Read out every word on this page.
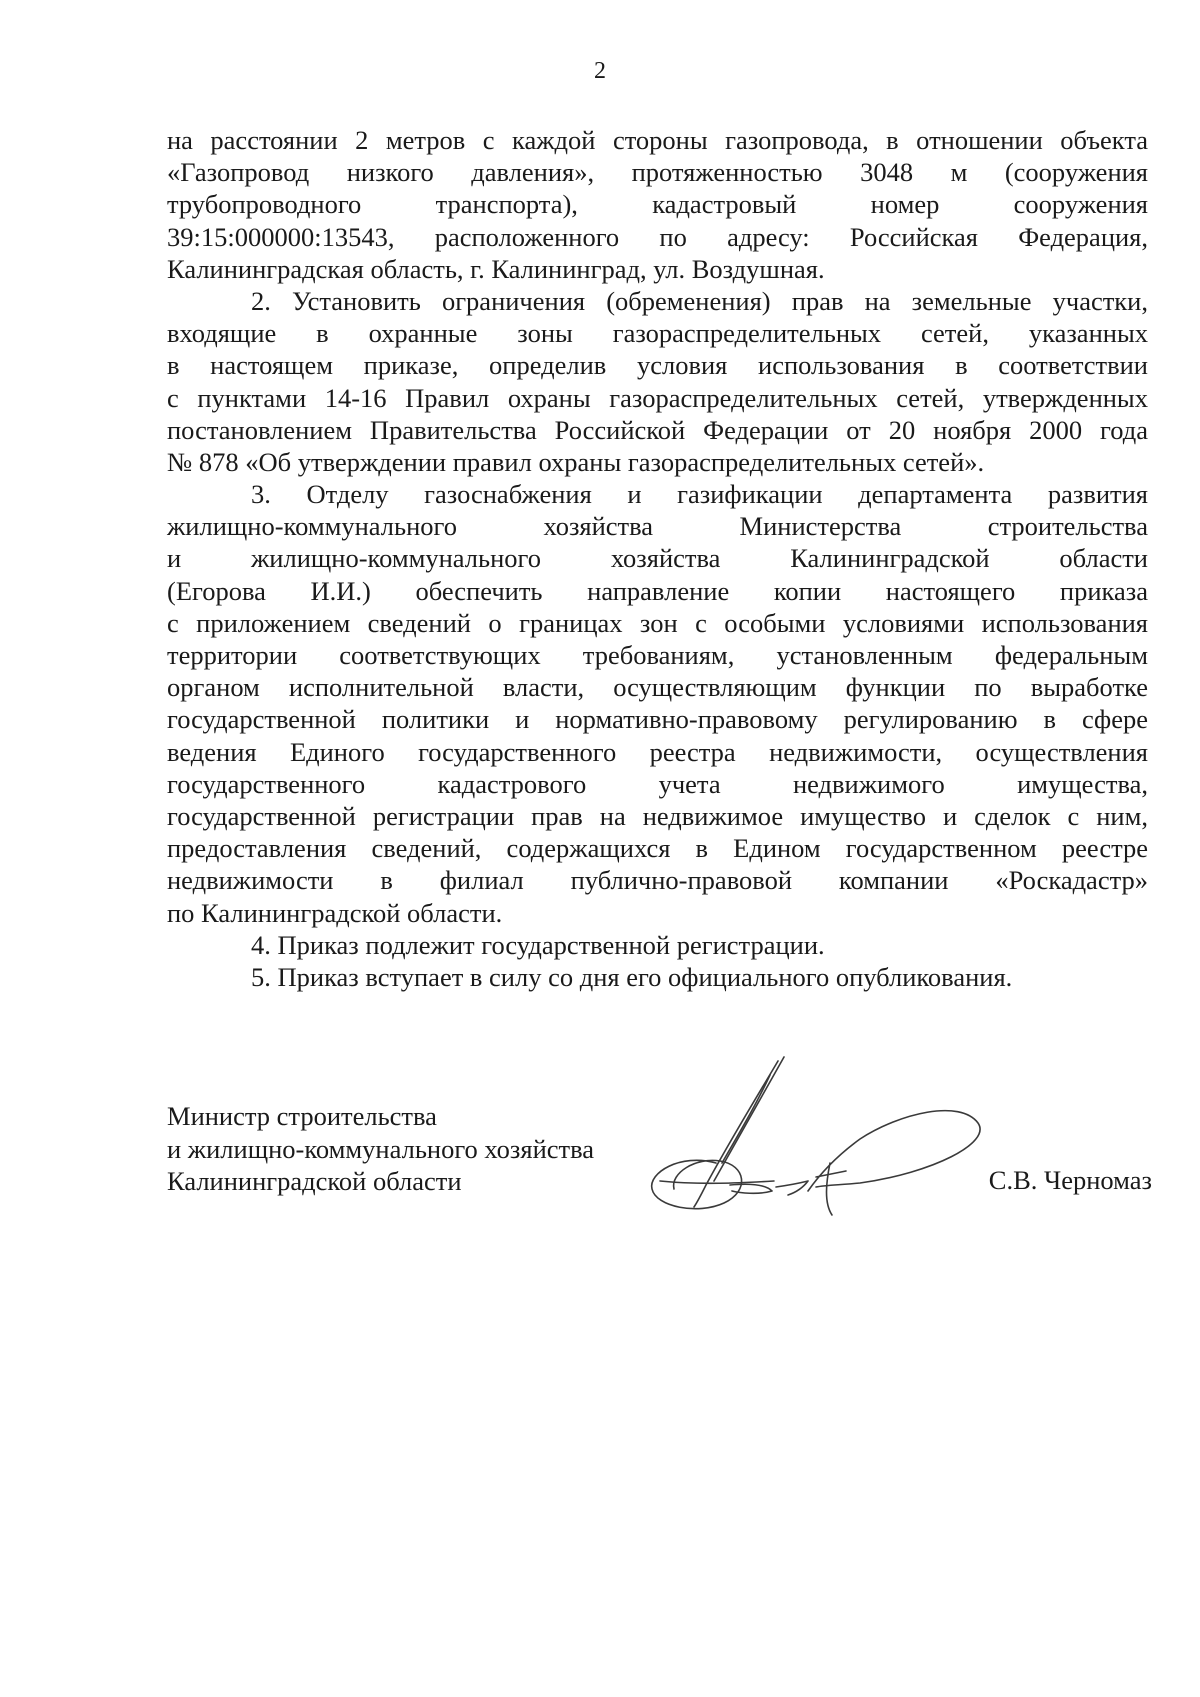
2
на расстоянии 2 метров с каждой стороны газопровода, в отношении объекта
«Газопровод низкого давления», протяженностью 3048 м (сооружения
трубопроводного транспорта), кадастровый номер сооружения
39:15:000000:13543, расположенного по адресу: Российская Федерация,
Калининградская область, г. Калининград, ул. Воздушная.
2. Установить ограничения (обременения) прав на земельные участки,
входящие в охранные зоны газораспределительных сетей, указанных
в настоящем приказе, определив условия использования в соответствии
с пунктами 14-16 Правил охраны газораспределительных сетей, утвержденных
постановлением Правительства Российской Федерации от 20 ноября 2000 года
№ 878 «Об утверждении правил охраны газораспределительных сетей».
3. Отделу газоснабжения и газификации департамента развития
жилищно-коммунального хозяйства Министерства строительства
и жилищно-коммунального хозяйства Калининградской области
(Егорова И.И.) обеспечить направление копии настоящего приказа
с приложением сведений о границах зон с особыми условиями использования
территории соответствующих требованиям, установленным федеральным
органом исполнительной власти, осуществляющим функции по выработке
государственной политики и нормативно-правовому регулированию в сфере
ведения Единого государственного реестра недвижимости, осуществления
государственного кадастрового учета недвижимого имущества,
государственной регистрации прав на недвижимое имущество и сделок с ним,
предоставления сведений, содержащихся в Едином государственном реестре
недвижимости в филиал публично-правовой компании «Роскадастр»
по Калининградской области.
4. Приказ подлежит государственной регистрации.
5. Приказ вступает в силу со дня его официального опубликования.
Министр строительства
и жилищно-коммунального хозяйства
Калининградской области	С.В. Черномаз
